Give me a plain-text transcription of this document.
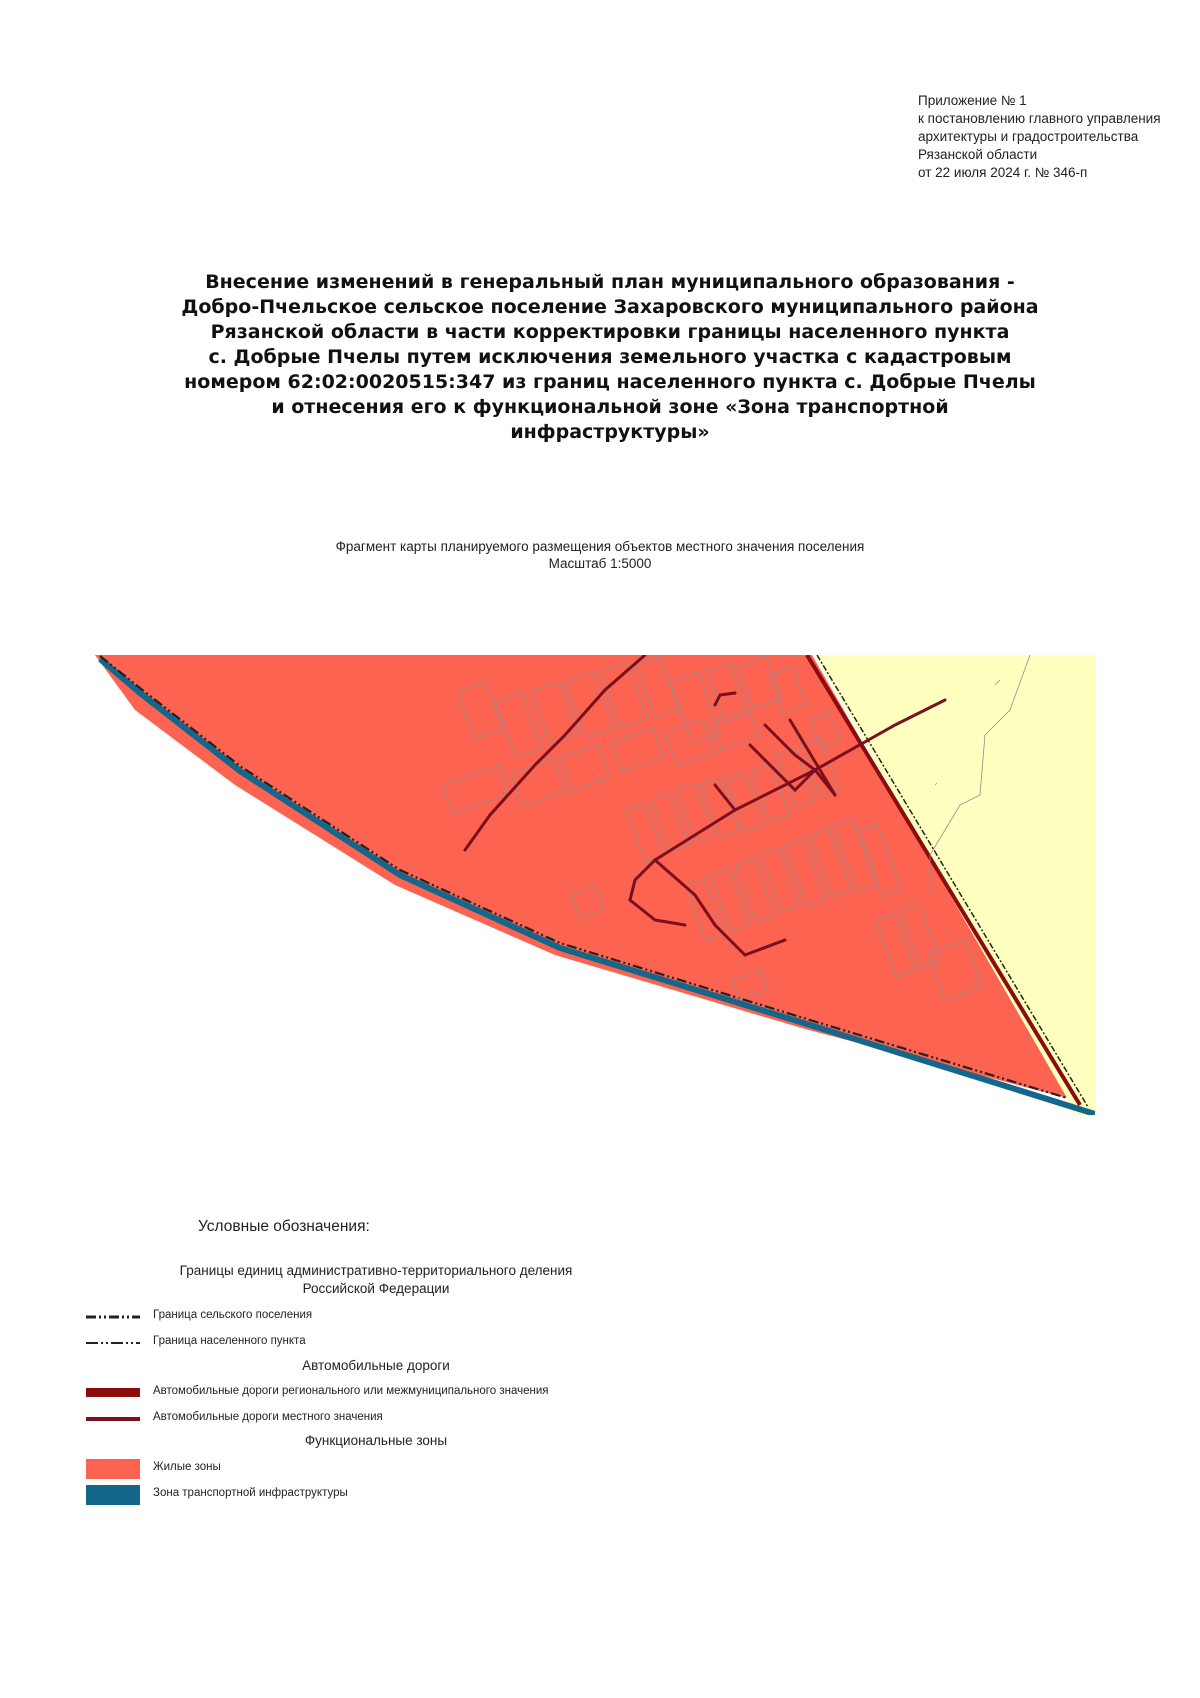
Приложение № 1
к постановлению главного управления
архитектуры и градостроительства
Рязанской области
от 22 июля 2024 г. № 346-п
Внесение изменений в генеральный план муниципального образования -
Добро-Пчельское сельское поселение Захаровского муниципального района
Рязанской области в части корректировки границы населенного пункта
с. Добрые Пчелы путем исключения земельного участка с кадастровым
номером 62:02:0020515:347 из границ населенного пункта с. Добрые Пчелы
и отнесения его к функциональной зоне «Зона транспортной
инфраструктуры»
Фрагмент карты планируемого размещения объектов местного значения поселения
Масштаб 1:5000
Условные обозначения:
Границы единиц административно-территориального деления
Российской Федерации
Граница сельского поселения
Граница населенного пункта
Автомобильные дороги
Автомобильные дороги регионального или межмуниципального значения
Автомобильные дороги местного значения
Функциональные зоны
Жилые зоны
Зона транспортной инфраструктуры
